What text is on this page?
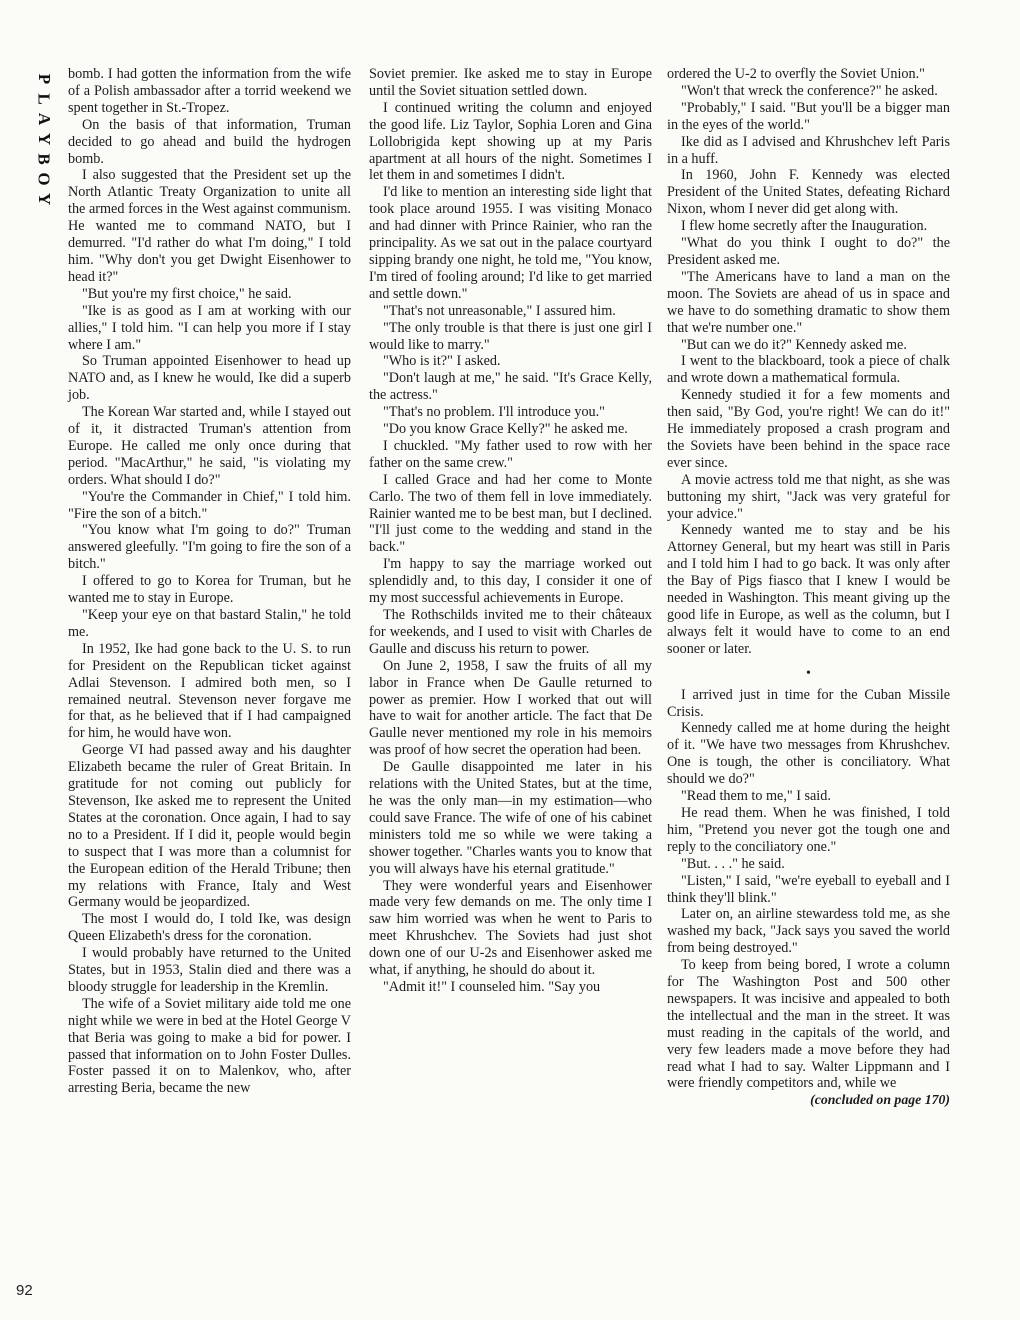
P
L
A
Y
B
O
Y
92

bomb. I had gotten the information from the wife of a Polish ambassador after a torrid weekend we spent together in St.-Tropez.

On the basis of that information, Truman decided to go ahead and build the hydrogen bomb.

I also suggested that the President set up the North Atlantic Treaty Organization to unite all the armed forces in the West against communism. He wanted me to command NATO, but I demurred. "I'd rather do what I'm doing," I told him. "Why don't you get Dwight Eisenhower to head it?"

"But you're my first choice," he said.

"Ike is as good as I am at working with our allies," I told him. "I can help you more if I stay where I am."

So Truman appointed Eisenhower to head up NATO and, as I knew he would, Ike did a superb job.

The Korean War started and, while I stayed out of it, it distracted Truman's attention from Europe. He called me only once during that period. "MacArthur," he said, "is violating my orders. What should I do?"

"You're the Commander in Chief," I told him. "Fire the son of a bitch."

"You know what I'm going to do?" Truman answered gleefully. "I'm going to fire the son of a bitch."

I offered to go to Korea for Truman, but he wanted me to stay in Europe.

"Keep your eye on that bastard Stalin," he told me.

In 1952, Ike had gone back to the U. S. to run for President on the Republican ticket against Adlai Stevenson. I admired both men, so I remained neutral. Stevenson never forgave me for that, as he believed that if I had campaigned for him, he would have won.

George VI had passed away and his daughter Elizabeth became the ruler of Great Britain. In gratitude for not coming out publicly for Stevenson, Ike asked me to represent the United States at the coronation. Once again, I had to say no to a President. If I did it, people would begin to suspect that I was more than a columnist for the European edition of the Herald Tribune; then my relations with France, Italy and West Germany would be jeopardized.

The most I would do, I told Ike, was design Queen Elizabeth's dress for the coronation.

I would probably have returned to the United States, but in 1953, Stalin died and there was a bloody struggle for leadership in the Kremlin.

The wife of a Soviet military aide told me one night while we were in bed at the Hotel George V that Beria was going to make a bid for power. I passed that information on to John Foster Dulles. Foster passed it on to Malenkov, who, after arresting Beria, became the new

Soviet premier. Ike asked me to stay in Europe until the Soviet situation settled down.

I continued writing the column and enjoyed the good life. Liz Taylor, Sophia Loren and Gina Lollobrigida kept showing up at my Paris apartment at all hours of the night. Sometimes I let them in and sometimes I didn't.

I'd like to mention an interesting side light that took place around 1955. I was visiting Monaco and had dinner with Prince Rainier, who ran the principality. As we sat out in the palace courtyard sipping brandy one night, he told me, "You know, I'm tired of fooling around; I'd like to get married and settle down."

"That's not unreasonable," I assured him.

"The only trouble is that there is just one girl I would like to marry."

"Who is it?" I asked.

"Don't laugh at me," he said. "It's Grace Kelly, the actress."

"That's no problem. I'll introduce you."

"Do you know Grace Kelly?" he asked me.

I chuckled. "My father used to row with her father on the same crew."

I called Grace and had her come to Monte Carlo. The two of them fell in love immediately. Rainier wanted me to be best man, but I declined. "I'll just come to the wedding and stand in the back."

I'm happy to say the marriage worked out splendidly and, to this day, I consider it one of my most successful achievements in Europe.

The Rothschilds invited me to their châteaux for weekends, and I used to visit with Charles de Gaulle and discuss his return to power.

On June 2, 1958, I saw the fruits of all my labor in France when De Gaulle returned to power as premier. How I worked that out will have to wait for another article. The fact that De Gaulle never mentioned my role in his memoirs was proof of how secret the operation had been.

De Gaulle disappointed me later in his relations with the United States, but at the time, he was the only man—in my estimation—who could save France. The wife of one of his cabinet ministers told me so while we were taking a shower together. "Charles wants you to know that you will always have his eternal gratitude."

They were wonderful years and Eisenhower made very few demands on me. The only time I saw him worried was when he went to Paris to meet Khrushchev. The Soviets had just shot down one of our U-2s and Eisenhower asked me what, if anything, he should do about it.

"Admit it!" I counseled him. "Say you

ordered the U-2 to overfly the Soviet Union."

"Won't that wreck the conference?" he asked.

"Probably," I said. "But you'll be a bigger man in the eyes of the world."

Ike did as I advised and Khrushchev left Paris in a huff.

In 1960, John F. Kennedy was elected President of the United States, defeating Richard Nixon, whom I never did get along with.

I flew home secretly after the Inauguration.

"What do you think I ought to do?" the President asked me.

"The Americans have to land a man on the moon. The Soviets are ahead of us in space and we have to do something dramatic to show them that we're number one."

"But can we do it?" Kennedy asked me.

I went to the blackboard, took a piece of chalk and wrote down a mathematical formula.

Kennedy studied it for a few moments and then said, "By God, you're right! We can do it!" He immediately proposed a crash program and the Soviets have been behind in the space race ever since.

A movie actress told me that night, as she was buttoning my shirt, "Jack was very grateful for your advice."

Kennedy wanted me to stay and be his Attorney General, but my heart was still in Paris and I told him I had to go back. It was only after the Bay of Pigs fiasco that I knew I would be needed in Washington. This meant giving up the good life in Europe, as well as the column, but I always felt it would have to come to an end sooner or later.

•

I arrived just in time for the Cuban Missile Crisis.

Kennedy called me at home during the height of it. "We have two messages from Khrushchev. One is tough, the other is conciliatory. What should we do?"

"Read them to me," I said.

He read them. When he was finished, I told him, "Pretend you never got the tough one and reply to the conciliatory one."

"But. . . ." he said.

"Listen," I said, "we're eyeball to eyeball and I think they'll blink."

Later on, an airline stewardess told me, as she washed my back, "Jack says you saved the world from being destroyed."

To keep from being bored, I wrote a column for The Washington Post and 500 other newspapers. It was incisive and appealed to both the intellectual and the man in the street. It was must reading in the capitals of the world, and very few leaders made a move before they had read what I had to say. Walter Lippmann and I were friendly competitors and, while we

(concluded on page 170)
